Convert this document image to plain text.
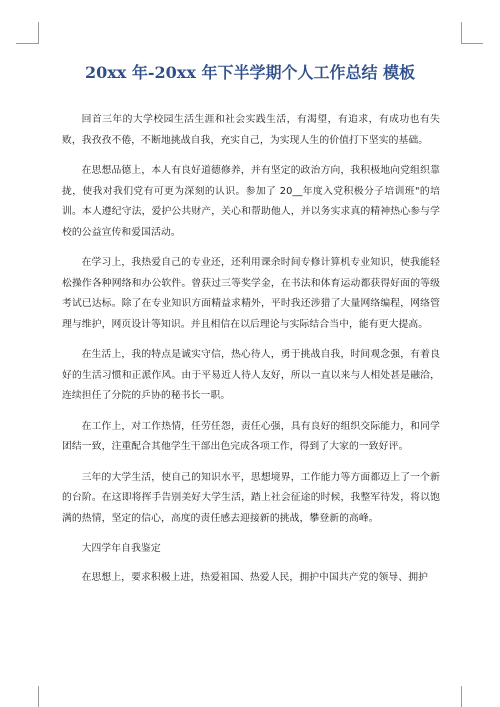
20xx 年-20xx 年下半学期个人工作总结 模板

回首三年的大学校园生活生涯和社会实践生活，有渴望，有追求，有成功也有失败，我孜孜不倦，不断地挑战自我，充实自己，为实现人生的价值打下坚实的基础。

在思想品德上，本人有良好道德修养，并有坚定的政治方向，我积极地向党组织靠拢，使我对我们党有可更为深刻的认识。参加了 20__年度入党积极分子培训班"的培训。本人遵纪守法，爱护公共财产，关心和帮助他人，并以务实求真的精神热心参与学校的公益宣传和爱国活动。

在学习上，我热爱自己的专业还，还利用课余时间专修计算机专业知识，使我能轻松操作各种网络和办公软件。曾获过三等奖学金，在书法和体育运动都获得好面的等级考试已达标。除了在专业知识方面精益求精外，平时我还涉猎了大量网络编程，网络管理与维护，网页设计等知识。并且相信在以后理论与实际结合当中，能有更大提高。

在生活上，我的特点是诚实守信，热心待人，勇于挑战自我，时间观念强，有着良好的生活习惯和正派作风。由于平易近人待人友好，所以一直以来与人相处甚是融洽，连续担任了分院的乒协的秘书长一职。

在工作上，对工作热情，任劳任怨，责任心强，具有良好的组织交际能力，和同学团结一致，注重配合其他学生干部出色完成各项工作，得到了大家的一致好评。

三年的大学生活，使自己的知识水平，思想境界，工作能力等方面都迈上了一个新的台阶。在这即将挥手告别美好大学生活，踏上社会征途的时候，我整军待发，将以饱满的热情，坚定的信心，高度的责任感去迎接新的挑战，攀登新的高峰。

大四学年自我鉴定

在思想上，要求积极上进，热爱祖国、热爱人民，拥护中国共产党的领导、拥护
